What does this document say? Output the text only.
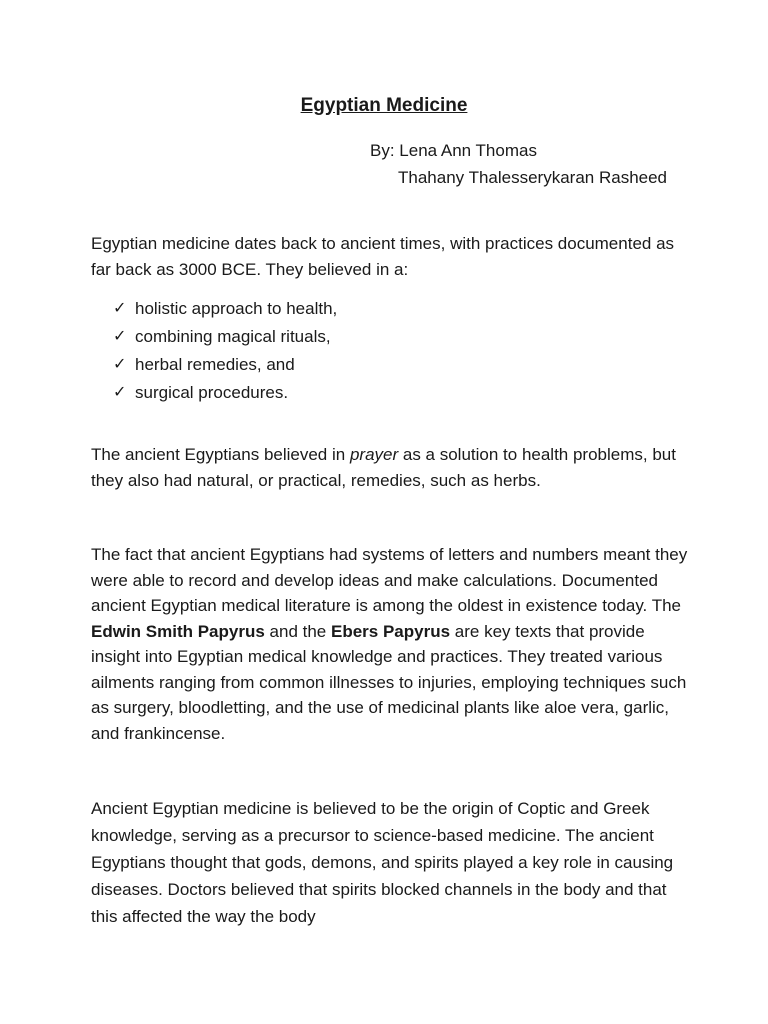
Egyptian Medicine
By: Lena Ann Thomas
Thahany Thalesserykaran Rasheed

Egyptian medicine dates back to ancient times, with practices documented as far back as 3000 BCE. They believed in a:

✓ holistic approach to health,
✓ combining magical rituals,
✓ herbal remedies, and
✓ surgical procedures.

The ancient Egyptians believed in prayer as a solution to health problems, but they also had natural, or practical, remedies, such as herbs.

The fact that ancient Egyptians had systems of letters and numbers meant they were able to record and develop ideas and make calculations. Documented ancient Egyptian medical literature is among the oldest in existence today. The Edwin Smith Papyrus and the Ebers Papyrus are key texts that provide insight into Egyptian medical knowledge and practices. They treated various ailments ranging from common illnesses to injuries, employing techniques such as surgery, bloodletting, and the use of medicinal plants like aloe vera, garlic, and frankincense.

Ancient Egyptian medicine is believed to be the origin of Coptic and Greek knowledge, serving as a precursor to science-based medicine. The ancient Egyptians thought that gods, demons, and spirits played a key role in causing diseases. Doctors believed that spirits blocked channels in the body and that this affected the way the body
